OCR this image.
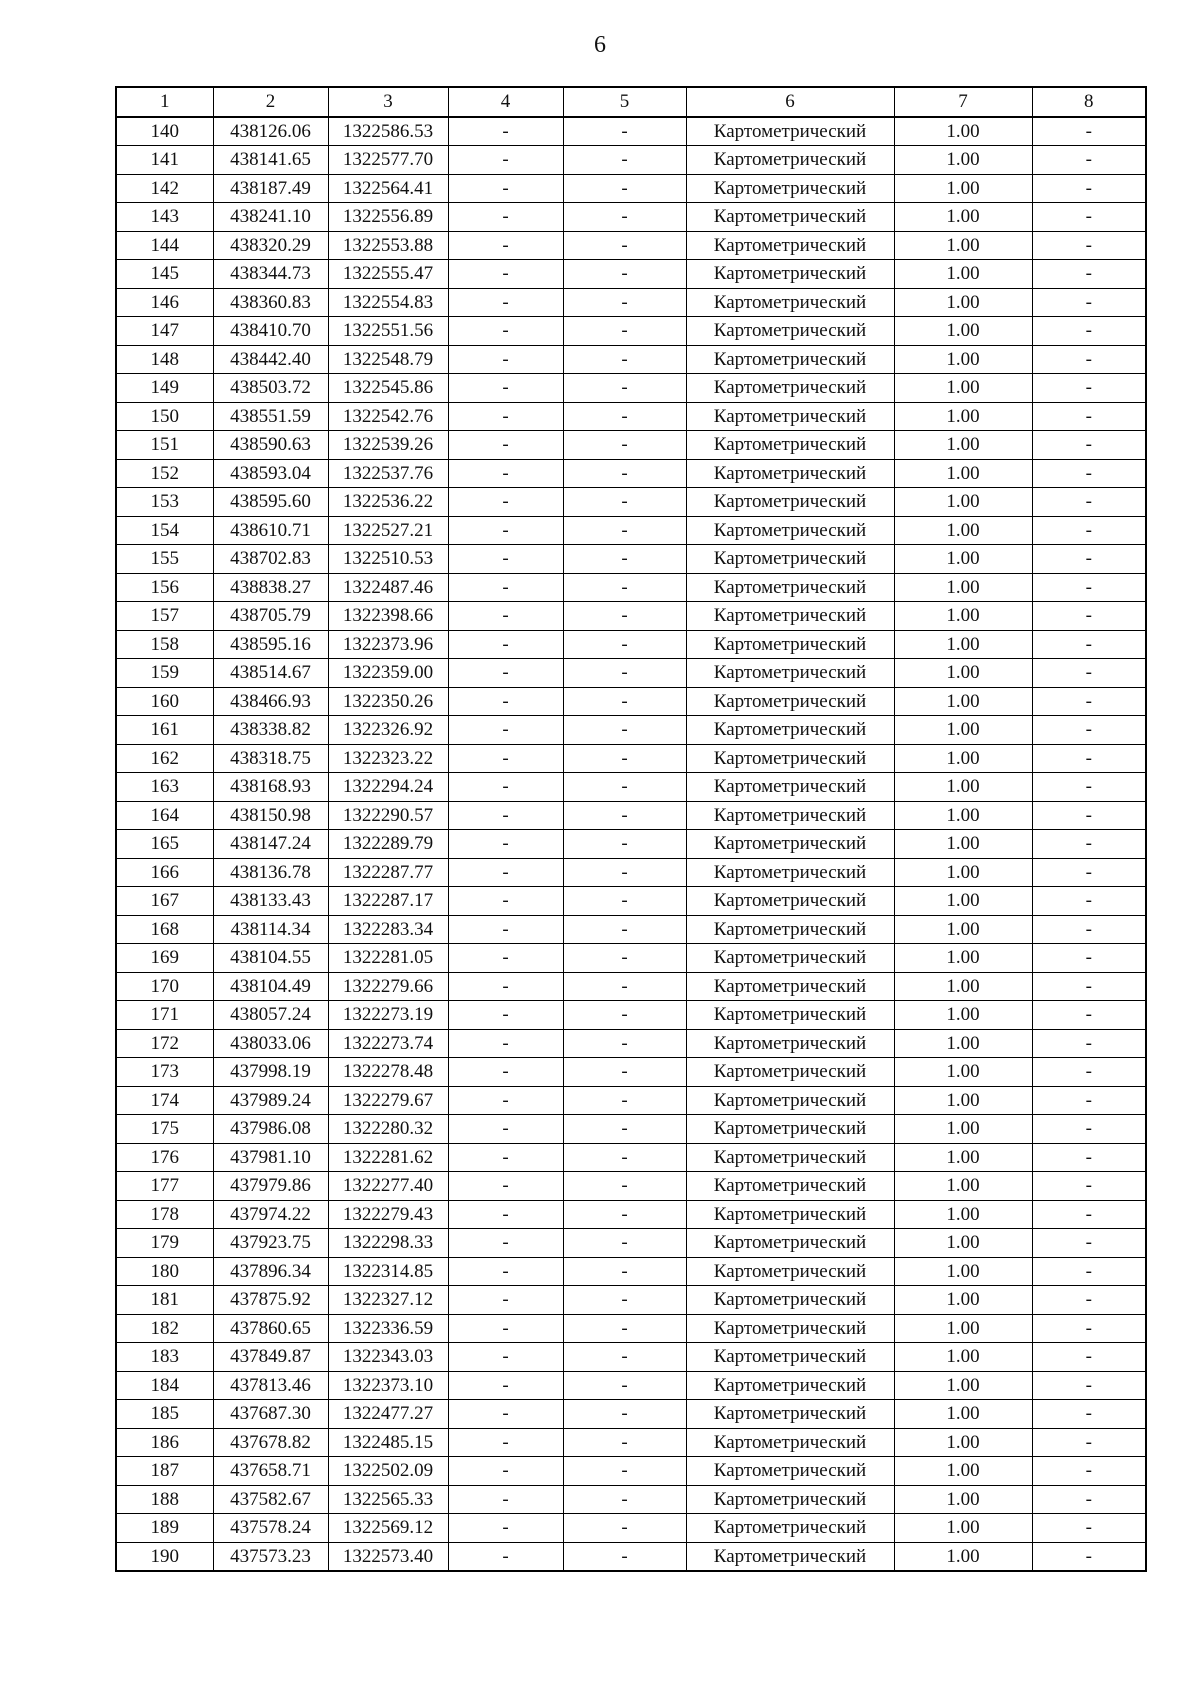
6
1	2	3	4	5	6	7	8
140	438126.06	1322586.53	-	-	Картометрический	1.00	-
141	438141.65	1322577.70	-	-	Картометрический	1.00	-
142	438187.49	1322564.41	-	-	Картометрический	1.00	-
143	438241.10	1322556.89	-	-	Картометрический	1.00	-
144	438320.29	1322553.88	-	-	Картометрический	1.00	-
145	438344.73	1322555.47	-	-	Картометрический	1.00	-
146	438360.83	1322554.83	-	-	Картометрический	1.00	-
147	438410.70	1322551.56	-	-	Картометрический	1.00	-
148	438442.40	1322548.79	-	-	Картометрический	1.00	-
149	438503.72	1322545.86	-	-	Картометрический	1.00	-
150	438551.59	1322542.76	-	-	Картометрический	1.00	-
151	438590.63	1322539.26	-	-	Картометрический	1.00	-
152	438593.04	1322537.76	-	-	Картометрический	1.00	-
153	438595.60	1322536.22	-	-	Картометрический	1.00	-
154	438610.71	1322527.21	-	-	Картометрический	1.00	-
155	438702.83	1322510.53	-	-	Картометрический	1.00	-
156	438838.27	1322487.46	-	-	Картометрический	1.00	-
157	438705.79	1322398.66	-	-	Картометрический	1.00	-
158	438595.16	1322373.96	-	-	Картометрический	1.00	-
159	438514.67	1322359.00	-	-	Картометрический	1.00	-
160	438466.93	1322350.26	-	-	Картометрический	1.00	-
161	438338.82	1322326.92	-	-	Картометрический	1.00	-
162	438318.75	1322323.22	-	-	Картометрический	1.00	-
163	438168.93	1322294.24	-	-	Картометрический	1.00	-
164	438150.98	1322290.57	-	-	Картометрический	1.00	-
165	438147.24	1322289.79	-	-	Картометрический	1.00	-
166	438136.78	1322287.77	-	-	Картометрический	1.00	-
167	438133.43	1322287.17	-	-	Картометрический	1.00	-
168	438114.34	1322283.34	-	-	Картометрический	1.00	-
169	438104.55	1322281.05	-	-	Картометрический	1.00	-
170	438104.49	1322279.66	-	-	Картометрический	1.00	-
171	438057.24	1322273.19	-	-	Картометрический	1.00	-
172	438033.06	1322273.74	-	-	Картометрический	1.00	-
173	437998.19	1322278.48	-	-	Картометрический	1.00	-
174	437989.24	1322279.67	-	-	Картометрический	1.00	-
175	437986.08	1322280.32	-	-	Картометрический	1.00	-
176	437981.10	1322281.62	-	-	Картометрический	1.00	-
177	437979.86	1322277.40	-	-	Картометрический	1.00	-
178	437974.22	1322279.43	-	-	Картометрический	1.00	-
179	437923.75	1322298.33	-	-	Картометрический	1.00	-
180	437896.34	1322314.85	-	-	Картометрический	1.00	-
181	437875.92	1322327.12	-	-	Картометрический	1.00	-
182	437860.65	1322336.59	-	-	Картометрический	1.00	-
183	437849.87	1322343.03	-	-	Картометрический	1.00	-
184	437813.46	1322373.10	-	-	Картометрический	1.00	-
185	437687.30	1322477.27	-	-	Картометрический	1.00	-
186	437678.82	1322485.15	-	-	Картометрический	1.00	-
187	437658.71	1322502.09	-	-	Картометрический	1.00	-
188	437582.67	1322565.33	-	-	Картометрический	1.00	-
189	437578.24	1322569.12	-	-	Картометрический	1.00	-
190	437573.23	1322573.40	-	-	Картометрический	1.00	-
